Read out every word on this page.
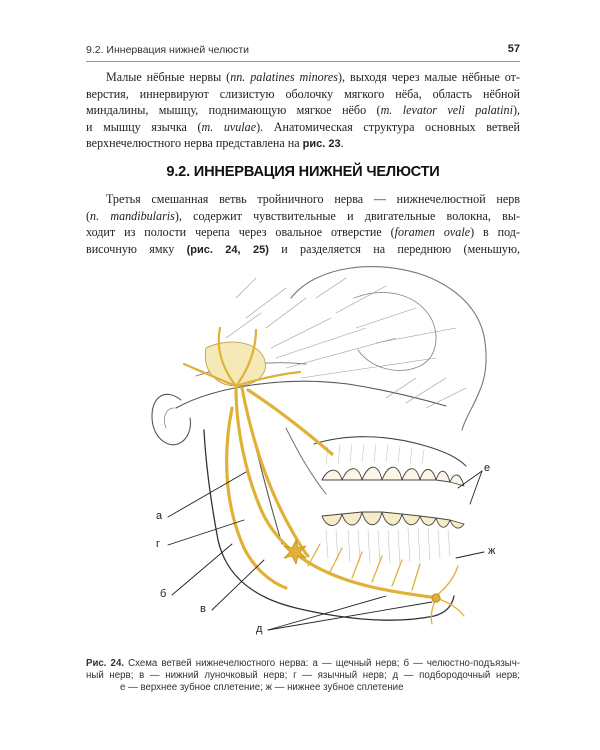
9.2. Иннервация нижней челюсти	57

Малые нёбные нервы (nn. palatines minores), выходя через малые нёбные от-
верстия, иннервируют слизистую оболочку мягкого нёба, область нёбной
миндалины, мышцу, поднимающую мягкое нёбо (m. levator veli palatini),
и мышцу язычка (m. uvulae). Анатомическая структура основных ветвей
верхнечелюстного нерва представлена на рис. 23.

9.2. ИННЕРВАЦИЯ НИЖНЕЙ ЧЕЛЮСТИ

Третья смешанная ветвь тройничного нерва — нижнечелюстной нерв
(n. mandibularis), содержит чувствительные и двигательные волокна, вы-
ходит из полости черепа через овальное отверстие (foramen ovale) в под-
височную ямку (рис. 24, 25) и разделяется на переднюю (меньшую,

а
г
б
в
д
е
ж

Рис. 24. Схема ветвей нижнечелюстного нерва: а — щечный нерв; б — челюстно-подъязыч-
ный нерв; в — нижний луночковый нерв; г — язычный нерв; д — подбородочный нерв;
е — верхнее зубное сплетение; ж — нижнее зубное сплетение
